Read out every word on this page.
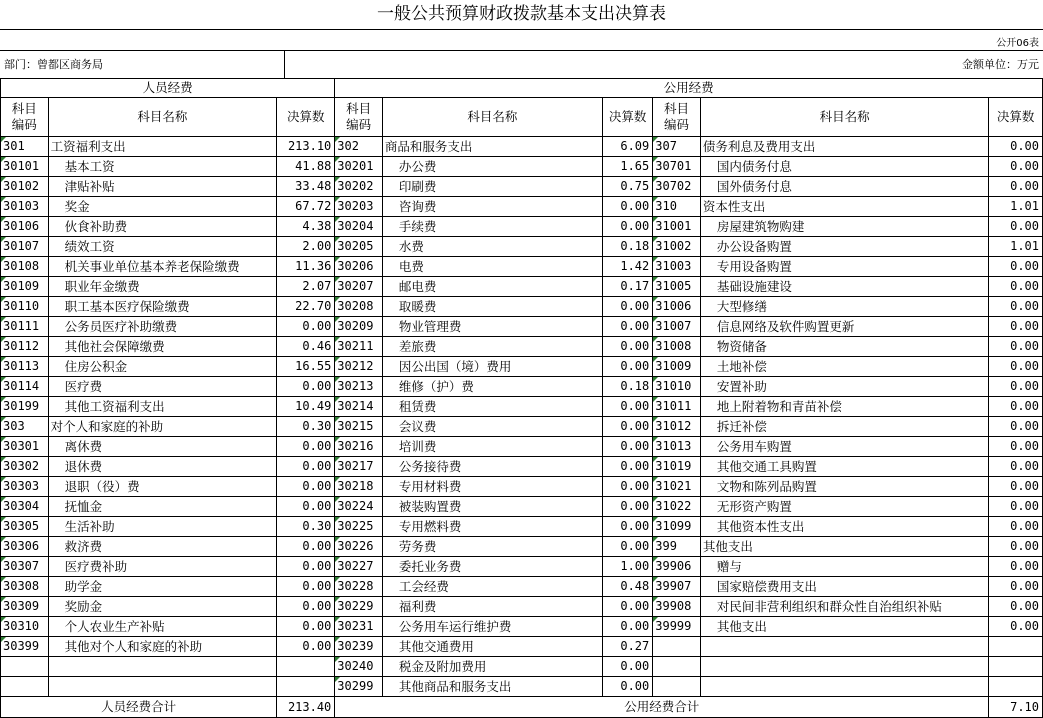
一般公共预算财政拨款基本支出决算表
公开06表
部门：曾都区商务局	金额单位：万元
人员经费			公用经费					
科目
编码	科目名称	决算数	科目
编码	科目名称	决算数	科目
编码	科目名称	决算数
301	工资福利支出	213.10	302	商品和服务支出	6.09	307	债务利息及费用支出	0.00
30101	基本工资	41.88	30201	办公费	1.65	30701	国内债务付息	0.00
30102	津贴补贴	33.48	30202	印刷费	0.75	30702	国外债务付息	0.00
30103	奖金	67.72	30203	咨询费	0.00	310	资本性支出	1.01
30106	伙食补助费	4.38	30204	手续费	0.00	31001	房屋建筑物购建	0.00
30107	绩效工资	2.00	30205	水费	0.18	31002	办公设备购置	1.01
30108	机关事业单位基本养老保险缴费	11.36	30206	电费	1.42	31003	专用设备购置	0.00
30109	职业年金缴费	2.07	30207	邮电费	0.17	31005	基础设施建设	0.00
30110	职工基本医疗保险缴费	22.70	30208	取暖费	0.00	31006	大型修缮	0.00
30111	公务员医疗补助缴费	0.00	30209	物业管理费	0.00	31007	信息网络及软件购置更新	0.00
30112	其他社会保障缴费	0.46	30211	差旅费	0.00	31008	物资储备	0.00
30113	住房公积金	16.55	30212	因公出国（境）费用	0.00	31009	土地补偿	0.00
30114	医疗费	0.00	30213	维修（护）费	0.18	31010	安置补助	0.00
30199	其他工资福利支出	10.49	30214	租赁费	0.00	31011	地上附着物和青苗补偿	0.00
303	对个人和家庭的补助	0.30	30215	会议费	0.00	31012	拆迁补偿	0.00
30301	离休费	0.00	30216	培训费	0.00	31013	公务用车购置	0.00
30302	退休费	0.00	30217	公务接待费	0.00	31019	其他交通工具购置	0.00
30303	退职（役）费	0.00	30218	专用材料费	0.00	31021	文物和陈列品购置	0.00
30304	抚恤金	0.00	30224	被装购置费	0.00	31022	无形资产购置	0.00
30305	生活补助	0.30	30225	专用燃料费	0.00	31099	其他资本性支出	0.00
30306	救济费	0.00	30226	劳务费	0.00	399	其他支出	0.00
30307	医疗费补助	0.00	30227	委托业务费	1.00	39906	赠与	0.00
30308	助学金	0.00	30228	工会经费	0.48	39907	国家赔偿费用支出	0.00
30309	奖励金	0.00	30229	福利费	0.00	39908	对民间非营利组织和群众性自治组织补贴	0.00
30310	个人农业生产补贴	0.00	30231	公务用车运行维护费	0.00	39999	其他支出	0.00
30399	其他对个人和家庭的补助	0.00	30239	其他交通费用	0.27			
			30240	税金及附加费用	0.00			
			30299	其他商品和服务支出	0.00			
人员经费合计		213.40	公用经费合计					7.10
